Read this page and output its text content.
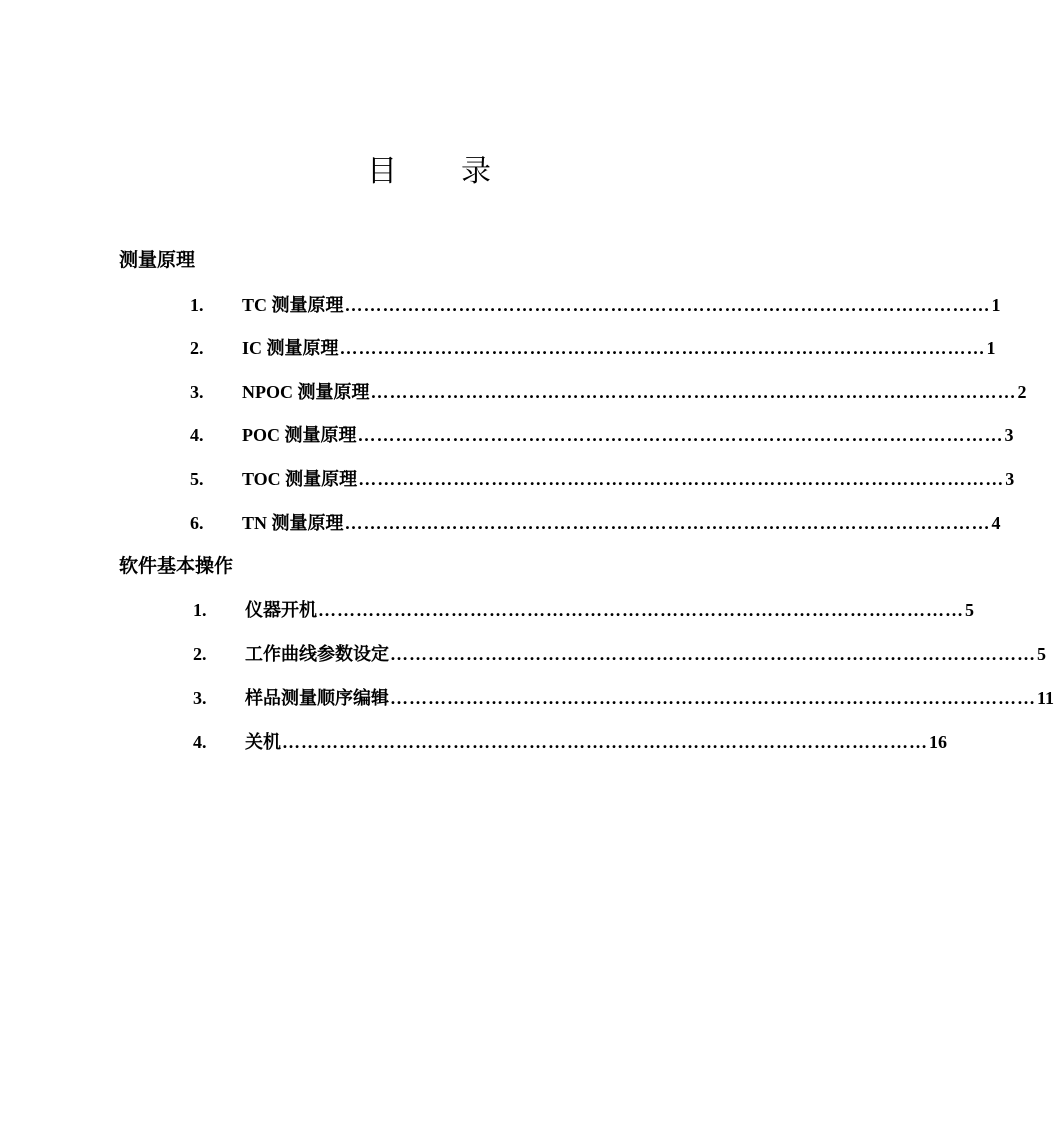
目 录
测量原理
1. TC 测量原理 ………………………………………………………………………………………… 1
2. IC 测量原理 ………………………………………………………………………………………… 1
3. NPOC 测量原理 ………………………………………………………………………………………… 2
4. POC 测量原理 ………………………………………………………………………………………… 3
5. TOC 测量原理 ………………………………………………………………………………………… 3
6. TN 测量原理 ………………………………………………………………………………………… 4
软件基本操作
1. 仪器开机 ………………………………………………………………………………………… 5
2. 工作曲线参数设定 ………………………………………………………………………………………… 5
3. 样品测量顺序编辑 ………………………………………………………………………………………… 11
4. 关机 ………………………………………………………………………………………… 16
